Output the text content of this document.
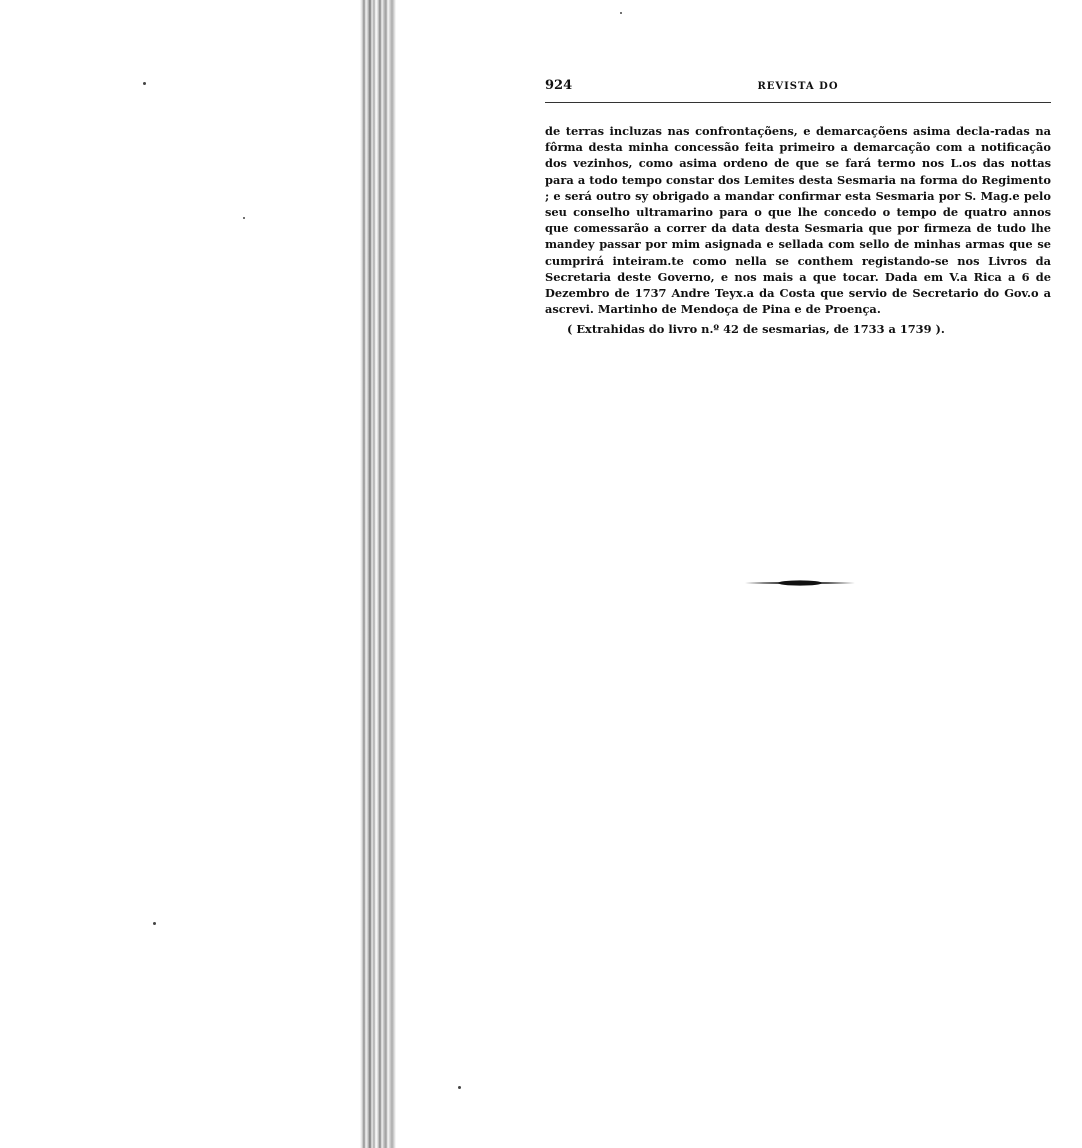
924	REVISTA DO

de terras incluzas nas confrontaçõens, e demarcaçõens asima decla-radas na fôrma desta minha concessão feita primeiro a demarcação com a notificação dos vezinhos, como asima ordeno de que se fará termo nos L.os das nottas para a todo tempo constar dos Lemites desta Sesmaria na forma do Regimento ; e será outro sy obrigado a mandar confirmar esta Sesmaria por S. Mag.e pelo seu conselho ultramarino para o que lhe concedo o tempo de quatro annos que comessarão a correr da data desta Sesmaria que por firmeza de tudo lhe mandey passar por mim asignada e sellada com sello de minhas armas que se cumprirá inteiram.te como nella se conthem registando-se nos Livros da Secretaria deste Governo, e nos mais a que tocar. Dada em V.a Rica a 6 de Dezembro de 1737 Andre Teyx.a da Costa que servio de Secretario do Gov.o a ascrevi. Martinho de Mendoça de Pina e de Proença.

( Extrahidas do livro n.º 42 de sesmarias, de 1733 a 1739 ).
